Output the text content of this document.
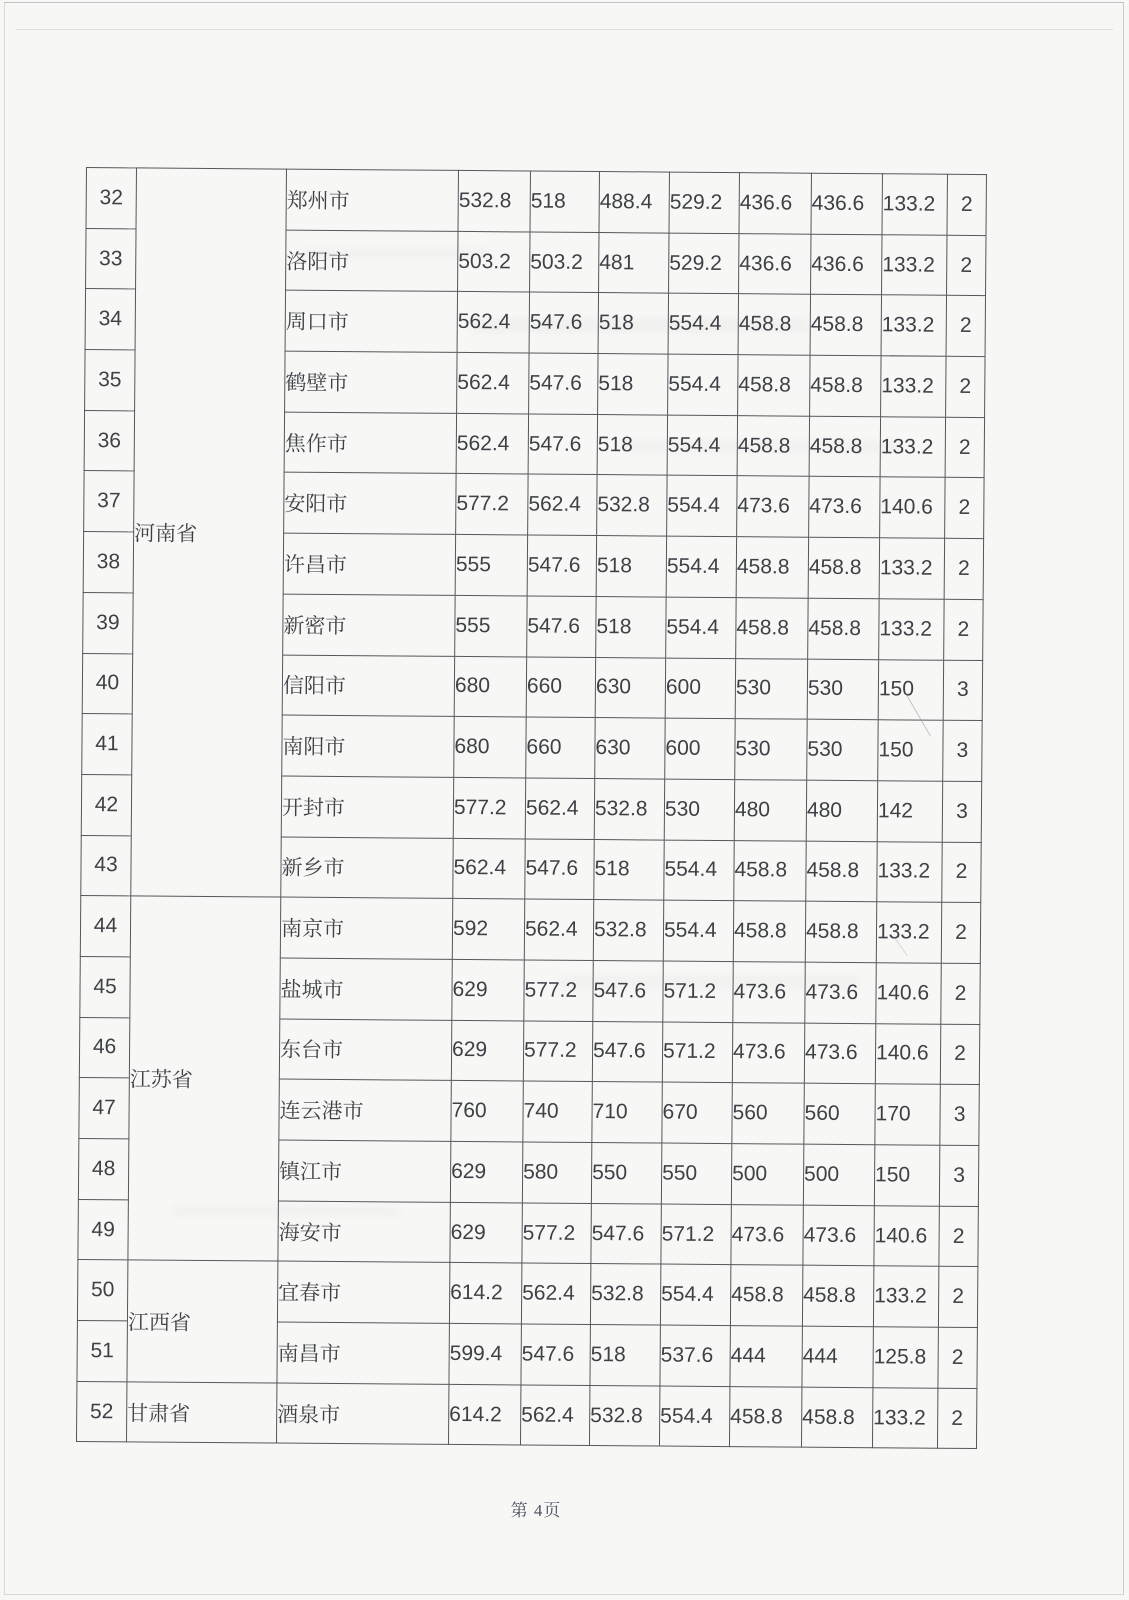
32	河南省	郑州市	532.8	518	488.4	529.2	436.6	436.6	133.2	2
33		洛阳市	503.2	503.2	481	529.2	436.6	436.6	133.2	2
34		周口市	562.4	547.6	518	554.4	458.8	458.8	133.2	2
35		鹤壁市	562.4	547.6	518	554.4	458.8	458.8	133.2	2
36		焦作市	562.4	547.6	518	554.4	458.8	458.8	133.2	2
37		安阳市	577.2	562.4	532.8	554.4	473.6	473.6	140.6	2
38		许昌市	555	547.6	518	554.4	458.8	458.8	133.2	2
39		新密市	555	547.6	518	554.4	458.8	458.8	133.2	2
40		信阳市	680	660	630	600	530	530	150	3
41		南阳市	680	660	630	600	530	530	150	3
42		开封市	577.2	562.4	532.8	530	480	480	142	3
43		新乡市	562.4	547.6	518	554.4	458.8	458.8	133.2	2
44	江苏省	南京市	592	562.4	532.8	554.4	458.8	458.8	133.2	2
45		盐城市	629	577.2	547.6	571.2	473.6	473.6	140.6	2
46		东台市	629	577.2	547.6	571.2	473.6	473.6	140.6	2
47		连云港市	760	740	710	670	560	560	170	3
48		镇江市	629	580	550	550	500	500	150	3
49		海安市	629	577.2	547.6	571.2	473.6	473.6	140.6	2
50	江西省	宜春市	614.2	562.4	532.8	554.4	458.8	458.8	133.2	2
51		南昌市	599.4	547.6	518	537.6	444	444	125.8	2
52	甘肃省	酒泉市	614.2	562.4	532.8	554.4	458.8	458.8	133.2	2
第 4页
